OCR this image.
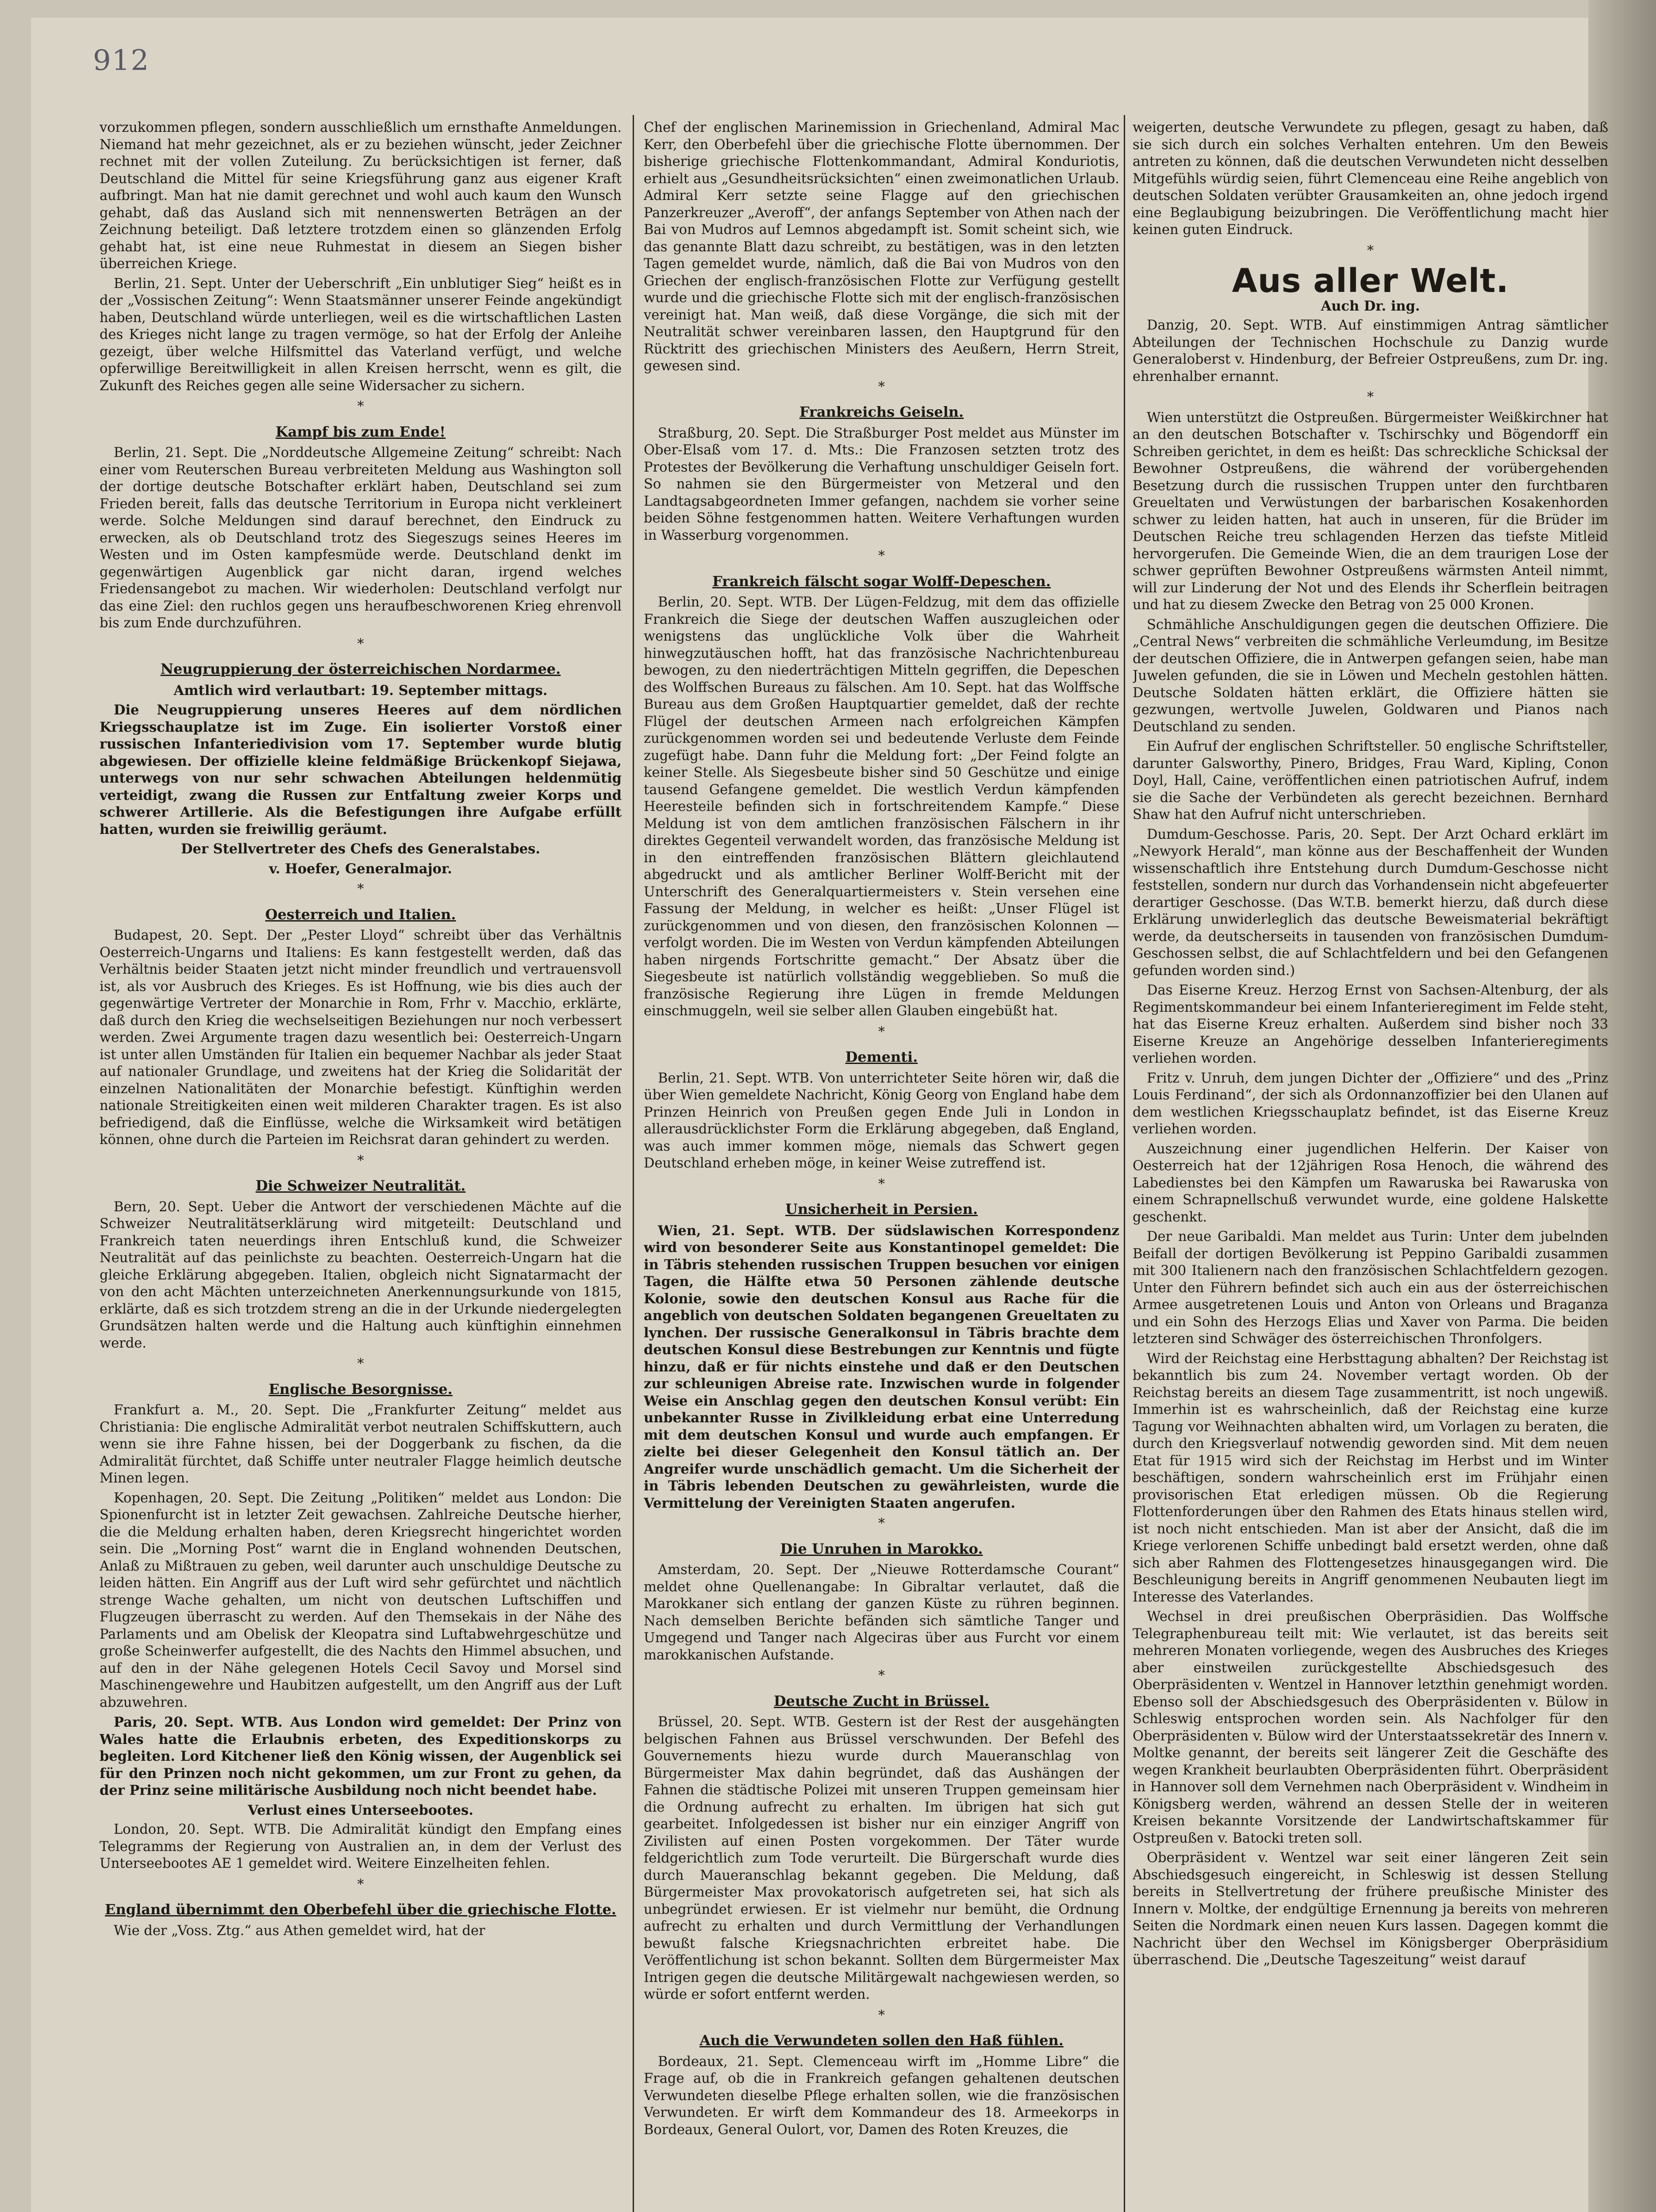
912

vorzukommen pflegen, sondern ausschließlich um ernsthafte Anmeldungen. Niemand hat mehr gezeichnet, als er zu beziehen wünscht, jeder Zeichner rechnet mit der vollen Zuteilung. Zu berücksichtigen ist ferner, daß Deutschland die Mittel für seine Kriegsführung ganz aus eigener Kraft aufbringt. Man hat nie damit gerechnet und wohl auch kaum den Wunsch gehabt, daß das Ausland sich mit nennenswerten Beträgen an der Zeichnung beteiligt. Daß letztere trotzdem einen so glänzenden Erfolg gehabt hat, ist eine neue Ruhmestat in diesem an Siegen bisher überreichen Kriege.

Berlin, 21. Sept. Unter der Ueberschrift „Ein unblutiger Sieg“ heißt es in der „Vossischen Zeitung“: Wenn Staatsmänner unserer Feinde angekündigt haben, Deutschland würde unterliegen, weil es die wirtschaftlichen Lasten des Krieges nicht lange zu tragen vermöge, so hat der Erfolg der Anleihe gezeigt, über welche Hilfsmittel das Vaterland verfügt, und welche opferwillige Bereitwilligkeit in allen Kreisen herrscht, wenn es gilt, die Zukunft des Reiches gegen alle seine Widersacher zu sichern.

*
Kampf bis zum Ende!

Berlin, 21. Sept. Die „Norddeutsche Allgemeine Zeitung“ schreibt: Nach einer vom Reuterschen Bureau verbreiteten Meldung aus Washington soll der dortige deutsche Botschafter erklärt haben, Deutschland sei zum Frieden bereit, falls das deutsche Territorium in Europa nicht verkleinert werde. Solche Meldungen sind darauf berechnet, den Eindruck zu erwecken, als ob Deutschland trotz des Siegeszugs seines Heeres im Westen und im Osten kampfesmüde werde. Deutschland denkt im gegenwärtigen Augenblick gar nicht daran, irgend welches Friedensangebot zu machen. Wir wiederholen: Deutschland verfolgt nur das eine Ziel: den ruchlos gegen uns heraufbeschworenen Krieg ehrenvoll bis zum Ende durchzuführen.

*
Neugruppierung der österreichischen Nordarmee.

Amtlich wird verlautbart: 19. September mittags.

Die Neugruppierung unseres Heeres auf dem nördlichen Kriegsschauplatze ist im Zuge. Ein isolierter Vorstoß einer russischen Infanteriedivision vom 17. September wurde blutig abgewiesen. Der offizielle kleine feldmäßige Brückenkopf Siejawa, unterwegs von nur sehr schwachen Abteilungen heldenmütig verteidigt, zwang die Russen zur Entfaltung zweier Korps und schwerer Artillerie. Als die Befestigungen ihre Aufgabe erfüllt hatten, wurden sie freiwillig geräumt.

Der Stellvertreter des Chefs des Generalstabes.

v. Hoefer, Generalmajor.

*
Oesterreich und Italien.

Budapest, 20. Sept. Der „Pester Lloyd“ schreibt über das Verhältnis Oesterreich-Ungarns und Italiens: Es kann festgestellt werden, daß das Verhältnis beider Staaten jetzt nicht minder freundlich und vertrauensvoll ist, als vor Ausbruch des Krieges. Es ist Hoffnung, wie bis dies auch der gegenwärtige Vertreter der Monarchie in Rom, Frhr v. Macchio, erklärte, daß durch den Krieg die wechselseitigen Beziehungen nur noch verbessert werden. Zwei Argumente tragen dazu wesentlich bei: Oesterreich-Ungarn ist unter allen Umständen für Italien ein bequemer Nachbar als jeder Staat auf nationaler Grundlage, und zweitens hat der Krieg die Solidarität der einzelnen Nationalitäten der Monarchie befestigt. Künftighin werden nationale Streitigkeiten einen weit milderen Charakter tragen. Es ist also befriedigend, daß die Einflüsse, welche die Wirksamkeit wird betätigen können, ohne durch die Parteien im Reichsrat daran gehindert zu werden.

*
Die Schweizer Neutralität.

Bern, 20. Sept. Ueber die Antwort der verschiedenen Mächte auf die Schweizer Neutralitätserklärung wird mitgeteilt: Deutschland und Frankreich taten neuerdings ihren Entschluß kund, die Schweizer Neutralität auf das peinlichste zu beachten. Oesterreich-Ungarn hat die gleiche Erklärung abgegeben. Italien, obgleich nicht Signatarmacht der von den acht Mächten unterzeichneten Anerkennungsurkunde von 1815, erklärte, daß es sich trotzdem streng an die in der Urkunde niedergelegten Grundsätzen halten werde und die Haltung auch künftighin einnehmen werde.

*
Englische Besorgnisse.

Frankfurt a. M., 20. Sept. Die „Frankfurter Zeitung“ meldet aus Christiania: Die englische Admiralität verbot neutralen Schiffskuttern, auch wenn sie ihre Fahne hissen, bei der Doggerbank zu fischen, da die Admiralität fürchtet, daß Schiffe unter neutraler Flagge heimlich deutsche Minen legen.

Kopenhagen, 20. Sept. Die Zeitung „Politiken“ meldet aus London: Die Spionenfurcht ist in letzter Zeit gewachsen. Zahlreiche Deutsche hierher, die die Meldung erhalten haben, deren Kriegsrecht hingerichtet worden sein. Die „Morning Post“ warnt die in England wohnenden Deutschen, Anlaß zu Mißtrauen zu geben, weil darunter auch unschuldige Deutsche zu leiden hätten. Ein Angriff aus der Luft wird sehr gefürchtet und nächtlich strenge Wache gehalten, um nicht von deutschen Luftschiffen und Flugzeugen überrascht zu werden. Auf den Themsekais in der Nähe des Parlaments und am Obelisk der Kleopatra sind Luftabwehrgeschütze und große Scheinwerfer aufgestellt, die des Nachts den Himmel absuchen, und auf den in der Nähe gelegenen Hotels Cecil Savoy und Morsel sind Maschinengewehre und Haubitzen aufgestellt, um den Angriff aus der Luft abzuwehren.

Paris, 20. Sept. WTB. Aus London wird gemeldet: Der Prinz von Wales hatte die Erlaubnis erbeten, des Expeditionskorps zu begleiten. Lord Kitchener ließ den König wissen, der Augenblick sei für den Prinzen noch nicht gekommen, um zur Front zu gehen, da der Prinz seine militärische Ausbildung noch nicht beendet habe.

Verlust eines Unterseebootes.

London, 20. Sept. WTB. Die Admiralität kündigt den Empfang eines Telegramms der Regierung von Australien an, in dem der Verlust des Unterseebootes AE 1 gemeldet wird. Weitere Einzelheiten fehlen.

*
England übernimmt den Oberbefehl über die griechische Flotte.

Wie der „Voss. Ztg.“ aus Athen gemeldet wird, hat der

Chef der englischen Marinemission in Griechenland, Admiral Mac Kerr, den Oberbefehl über die griechische Flotte übernommen. Der bisherige griechische Flottenkommandant, Admiral Konduriotis, erhielt aus „Gesundheitsrücksichten“ einen zweimonatlichen Urlaub. Admiral Kerr setzte seine Flagge auf den griechischen Panzerkreuzer „Averoff“, der anfangs September von Athen nach der Bai von Mudros auf Lemnos abgedampft ist. Somit scheint sich, wie das genannte Blatt dazu schreibt, zu bestätigen, was in den letzten Tagen gemeldet wurde, nämlich, daß die Bai von Mudros von den Griechen der englisch-französischen Flotte zur Verfügung gestellt wurde und die griechische Flotte sich mit der englisch-französischen vereinigt hat. Man weiß, daß diese Vorgänge, die sich mit der Neutralität schwer vereinbaren lassen, den Hauptgrund für den Rücktritt des griechischen Ministers des Aeußern, Herrn Streit, gewesen sind.

*
Frankreichs Geiseln.

Straßburg, 20. Sept. Die Straßburger Post meldet aus Münster im Ober-Elsaß vom 17. d. Mts.: Die Franzosen setzten trotz des Protestes der Bevölkerung die Verhaftung unschuldiger Geiseln fort. So nahmen sie den Bürgermeister von Metzeral und den Landtagsabgeordneten Immer gefangen, nachdem sie vorher seine beiden Söhne festgenommen hatten. Weitere Verhaftungen wurden in Wasserburg vorgenommen.

*
Frankreich fälscht sogar Wolff-Depeschen.

Berlin, 20. Sept. WTB. Der Lügen-Feldzug, mit dem das offizielle Frankreich die Siege der deutschen Waffen auszugleichen oder wenigstens das unglückliche Volk über die Wahrheit hinwegzutäuschen hofft, hat das französische Nachrichtenbureau bewogen, zu den niederträchtigen Mitteln gegriffen, die Depeschen des Wolffschen Bureaus zu fälschen. Am 10. Sept. hat das Wolffsche Bureau aus dem Großen Hauptquartier gemeldet, daß der rechte Flügel der deutschen Armeen nach erfolgreichen Kämpfen zurückgenommen worden sei und bedeutende Verluste dem Feinde zugefügt habe. Dann fuhr die Meldung fort: „Der Feind folgte an keiner Stelle. Als Siegesbeute bisher sind 50 Geschütze und einige tausend Gefangene gemeldet. Die westlich Verdun kämpfenden Heeresteile befinden sich in fortschreitendem Kampfe.“ Diese Meldung ist von dem amtlichen französischen Fälschern in ihr direktes Gegenteil verwandelt worden, das französische Meldung ist in den eintreffenden französischen Blättern gleichlautend abgedruckt und als amtlicher Berliner Wolff-Bericht mit der Unterschrift des Generalquartiermeisters v. Stein versehen eine Fassung der Meldung, in welcher es heißt: „Unser Flügel ist zurückgenommen und von diesen, den französischen Kolonnen — verfolgt worden. Die im Westen von Verdun kämpfenden Abteilungen haben nirgends Fortschritte gemacht.“ Der Absatz über die Siegesbeute ist natürlich vollständig weggeblieben. So muß die französische Regierung ihre Lügen in fremde Meldungen einschmuggeln, weil sie selber allen Glauben eingebüßt hat.

*
Dementi.

Berlin, 21. Sept. WTB. Von unterrichteter Seite hören wir, daß die über Wien gemeldete Nachricht, König Georg von England habe dem Prinzen Heinrich von Preußen gegen Ende Juli in London in allerausdrücklichster Form die Erklärung abgegeben, daß England, was auch immer kommen möge, niemals das Schwert gegen Deutschland erheben möge, in keiner Weise zutreffend ist.

*
Unsicherheit in Persien.

Wien, 21. Sept. WTB. Der südslawischen Korrespondenz wird von besonderer Seite aus Konstantinopel gemeldet: Die in Täbris stehenden russischen Truppen besuchen vor einigen Tagen, die Hälfte etwa 50 Personen zählende deutsche Kolonie, sowie den deutschen Konsul aus Rache für die angeblich von deutschen Soldaten begangenen Greueltaten zu lynchen. Der russische Generalkonsul in Täbris brachte dem deutschen Konsul diese Bestrebungen zur Kenntnis und fügte hinzu, daß er für nichts einstehe und daß er den Deutschen zur schleunigen Abreise rate. Inzwischen wurde in folgender Weise ein Anschlag gegen den deutschen Konsul verübt: Ein unbekannter Russe in Zivilkleidung erbat eine Unterredung mit dem deutschen Konsul und wurde auch empfangen. Er zielte bei dieser Gelegenheit den Konsul tätlich an. Der Angreifer wurde unschädlich gemacht. Um die Sicherheit der in Täbris lebenden Deutschen zu gewährleisten, wurde die Vermittelung der Vereinigten Staaten angerufen.

*
Die Unruhen in Marokko.

Amsterdam, 20. Sept. Der „Nieuwe Rotterdamsche Courant“ meldet ohne Quellenangabe: In Gibraltar verlautet, daß die Marokkaner sich entlang der ganzen Küste zu rühren beginnen. Nach demselben Berichte befänden sich sämtliche Tanger und Umgegend und Tanger nach Algeciras über aus Furcht vor einem marokkanischen Aufstande.

*
Deutsche Zucht in Brüssel.

Brüssel, 20. Sept. WTB. Gestern ist der Rest der ausgehängten belgischen Fahnen aus Brüssel verschwunden. Der Befehl des Gouvernements hiezu wurde durch Maueranschlag von Bürgermeister Max dahin begründet, daß das Aushängen der Fahnen die städtische Polizei mit unseren Truppen gemeinsam hier die Ordnung aufrecht zu erhalten. Im übrigen hat sich gut gearbeitet. Infolgedessen ist bisher nur ein einziger Angriff von Zivilisten auf einen Posten vorgekommen. Der Täter wurde feldgerichtlich zum Tode verurteilt. Die Bürgerschaft wurde dies durch Maueranschlag bekannt gegeben. Die Meldung, daß Bürgermeister Max provokatorisch aufgetreten sei, hat sich als unbegründet erwiesen. Er ist vielmehr nur bemüht, die Ordnung aufrecht zu erhalten und durch Vermittlung der Verhandlungen bewußt falsche Kriegsnachrichten erbreitet habe. Die Veröffentlichung ist schon bekannt. Sollten dem Bürgermeister Max Intrigen gegen die deutsche Militärgewalt nachgewiesen werden, so würde er sofort entfernt werden.

*
Auch die Verwundeten sollen den Haß fühlen.

Bordeaux, 21. Sept. Clemenceau wirft im „Homme Libre“ die Frage auf, ob die in Frankreich gefangen gehaltenen deutschen Verwundeten dieselbe Pflege erhalten sollen, wie die französischen Verwundeten. Er wirft dem Kommandeur des 18. Armeekorps in Bordeaux, General Oulort, vor, Damen des Roten Kreuzes, die

weigerten, deutsche Verwundete zu pflegen, gesagt zu haben, daß sie sich durch ein solches Verhalten entehren. Um den Beweis antreten zu können, daß die deutschen Verwundeten nicht desselben Mitgefühls würdig seien, führt Clemenceau eine Reihe angeblich von deutschen Soldaten verübter Grausamkeiten an, ohne jedoch irgend eine Beglaubigung beizubringen. Die Veröffentlichung macht hier keinen guten Eindruck.

*
Aus aller Welt.

Auch Dr. ing.

Danzig, 20. Sept. WTB. Auf einstimmigen Antrag sämtlicher Abteilungen der Technischen Hochschule zu Danzig wurde Generaloberst v. Hindenburg, der Befreier Ostpreußens, zum Dr. ing. ehrenhalber ernannt.

*

Wien unterstützt die Ostpreußen. Bürgermeister Weißkirchner hat an den deutschen Botschafter v. Tschirschky und Bögendorff ein Schreiben gerichtet, in dem es heißt: Das schreckliche Schicksal der Bewohner Ostpreußens, die während der vorübergehenden Besetzung durch die russischen Truppen unter den furchtbaren Greueltaten und Verwüstungen der barbarischen Kosakenhorden schwer zu leiden hatten, hat auch in unseren, für die Brüder im Deutschen Reiche treu schlagenden Herzen das tiefste Mitleid hervorgerufen. Die Gemeinde Wien, die an dem traurigen Lose der schwer geprüften Bewohner Ostpreußens wärmsten Anteil nimmt, will zur Linderung der Not und des Elends ihr Scherflein beitragen und hat zu diesem Zwecke den Betrag von 25 000 Kronen.

Schmähliche Anschuldigungen gegen die deutschen Offiziere. Die „Central News“ verbreiten die schmähliche Verleumdung, im Besitze der deutschen Offiziere, die in Antwerpen gefangen seien, habe man Juwelen gefunden, die sie in Löwen und Mecheln gestohlen hätten. Deutsche Soldaten hätten erklärt, die Offiziere hätten sie gezwungen, wertvolle Juwelen, Goldwaren und Pianos nach Deutschland zu senden.

Ein Aufruf der englischen Schriftsteller. 50 englische Schriftsteller, darunter Galsworthy, Pinero, Bridges, Frau Ward, Kipling, Conon Doyl, Hall, Caine, veröffentlichen einen patriotischen Aufruf, indem sie die Sache der Verbündeten als gerecht bezeichnen. Bernhard Shaw hat den Aufruf nicht unterschrieben.

Dumdum-Geschosse. Paris, 20. Sept. Der Arzt Ochard erklärt im „Newyork Herald“, man könne aus der Beschaffenheit der Wunden wissenschaftlich ihre Entstehung durch Dumdum-Geschosse nicht feststellen, sondern nur durch das Vorhandensein nicht abgefeuerter derartiger Geschosse. (Das W.T.B. bemerkt hierzu, daß durch diese Erklärung unwiderleglich das deutsche Beweismaterial bekräftigt werde, da deutscherseits in tausenden von französischen Dumdum-Geschossen selbst, die auf Schlachtfeldern und bei den Gefangenen gefunden worden sind.)

Das Eiserne Kreuz. Herzog Ernst von Sachsen-Altenburg, der als Regimentskommandeur bei einem Infanterieregiment im Felde steht, hat das Eiserne Kreuz erhalten. Außerdem sind bisher noch 33 Eiserne Kreuze an Angehörige desselben Infanterieregiments verliehen worden.

Fritz v. Unruh, dem jungen Dichter der „Offiziere“ und des „Prinz Louis Ferdinand“, der sich als Ordonnanzoffizier bei den Ulanen auf dem westlichen Kriegsschauplatz befindet, ist das Eiserne Kreuz verliehen worden.

Auszeichnung einer jugendlichen Helferin. Der Kaiser von Oesterreich hat der 12jährigen Rosa Henoch, die während des Labedienstes bei den Kämpfen um Rawaruska bei Rawaruska von einem Schrapnellschuß verwundet wurde, eine goldene Halskette geschenkt.

Der neue Garibaldi. Man meldet aus Turin: Unter dem jubelnden Beifall der dortigen Bevölkerung ist Peppino Garibaldi zusammen mit 300 Italienern nach den französischen Schlachtfeldern gezogen. Unter den Führern befindet sich auch ein aus der österreichischen Armee ausgetretenen Louis und Anton von Orleans und Braganza und ein Sohn des Herzogs Elias und Xaver von Parma. Die beiden letzteren sind Schwäger des österreichischen Thronfolgers.

Wird der Reichstag eine Herbsttagung abhalten? Der Reichstag ist bekanntlich bis zum 24. November vertagt worden. Ob der Reichstag bereits an diesem Tage zusammentritt, ist noch ungewiß. Immerhin ist es wahrscheinlich, daß der Reichstag eine kurze Tagung vor Weihnachten abhalten wird, um Vorlagen zu beraten, die durch den Kriegsverlauf notwendig geworden sind. Mit dem neuen Etat für 1915 wird sich der Reichstag im Herbst und im Winter beschäftigen, sondern wahrscheinlich erst im Frühjahr einen provisorischen Etat erledigen müssen. Ob die Regierung Flottenforderungen über den Rahmen des Etats hinaus stellen wird, ist noch nicht entschieden. Man ist aber der Ansicht, daß die im Kriege verlorenen Schiffe unbedingt bald ersetzt werden, ohne daß sich aber Rahmen des Flottengesetzes hinausgegangen wird. Die Beschleunigung bereits in Angriff genommenen Neubauten liegt im Interesse des Vaterlandes.

Wechsel in drei preußischen Oberpräsidien. Das Wolffsche Telegraphenbureau teilt mit: Wie verlautet, ist das bereits seit mehreren Monaten vorliegende, wegen des Ausbruches des Krieges aber einstweilen zurückgestellte Abschiedsgesuch des Oberpräsidenten v. Wentzel in Hannover letzthin genehmigt worden. Ebenso soll der Abschiedsgesuch des Oberpräsidenten v. Bülow in Schleswig entsprochen worden sein. Als Nachfolger für den Oberpräsidenten v. Bülow wird der Unterstaatssekretär des Innern v. Moltke genannt, der bereits seit längerer Zeit die Geschäfte des wegen Krankheit beurlaubten Oberpräsidenten führt. Oberpräsident in Hannover soll dem Vernehmen nach Oberpräsident v. Windheim in Königsberg werden, während an dessen Stelle der in weiteren Kreisen bekannte Vorsitzende der Landwirtschaftskammer für Ostpreußen v. Batocki treten soll.

Oberpräsident v. Wentzel war seit einer längeren Zeit sein Abschiedsgesuch eingereicht, in Schleswig ist dessen Stellung bereits in Stellvertretung der frühere preußische Minister des Innern v. Moltke, der endgültige Ernennung ja bereits von mehreren Seiten die Nordmark einen neuen Kurs lassen. Dagegen kommt die Nachricht über den Wechsel im Königsberger Oberpräsidium überraschend. Die „Deutsche Tageszeitung“ weist darauf
